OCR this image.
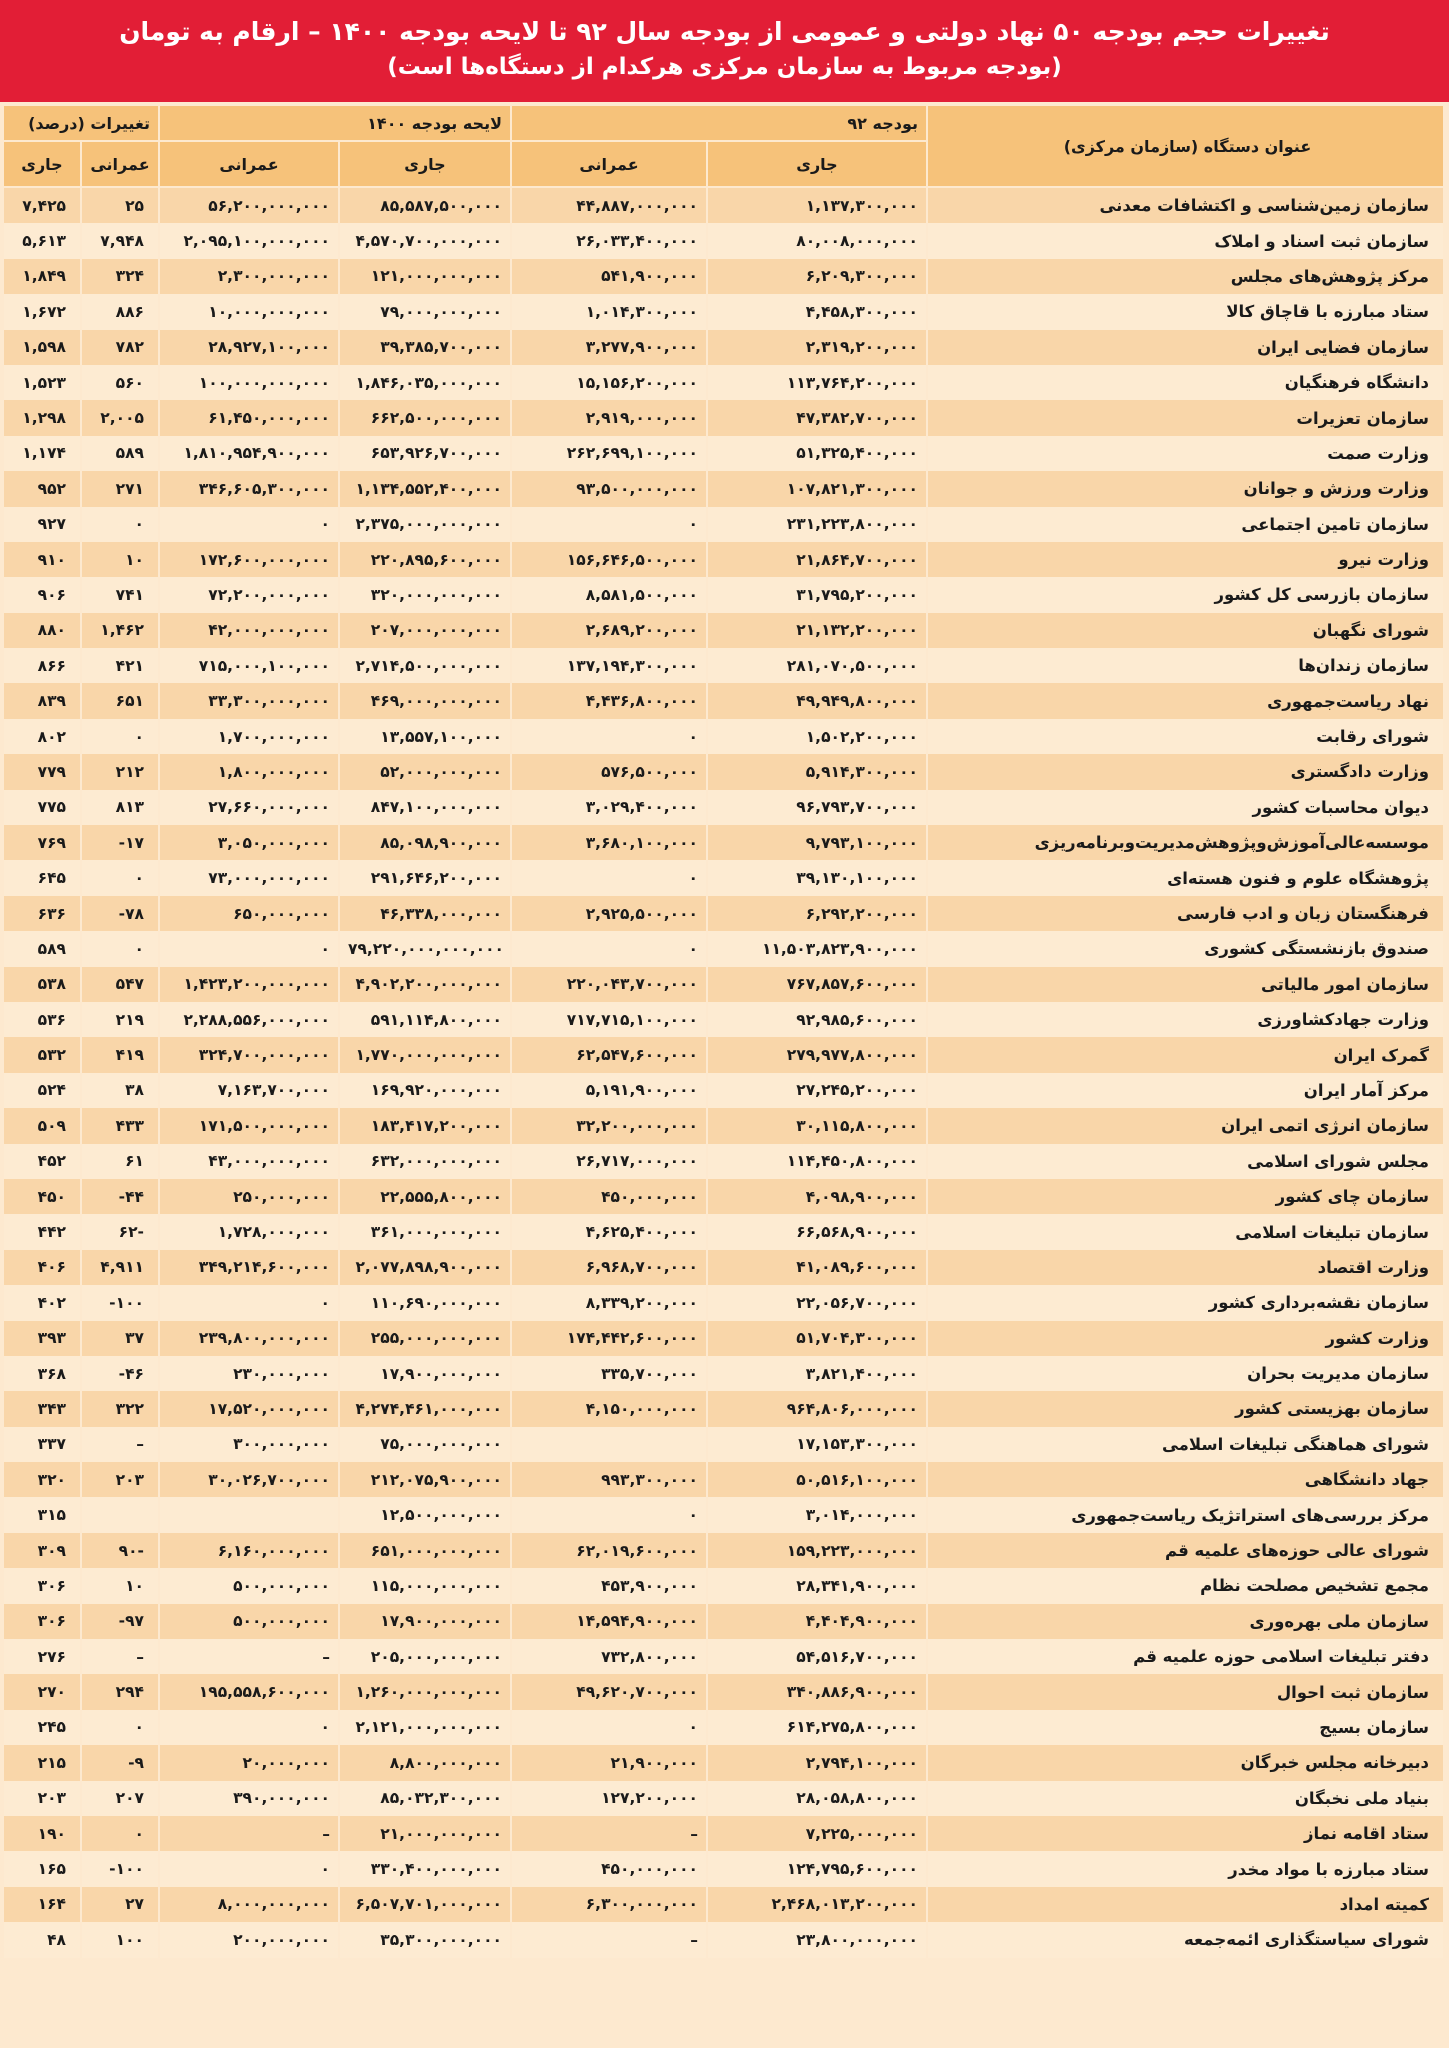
تغییرات حجم بودجه ۵۰ نهاد دولتی و عمومی از بودجه سال ۹۲ تا لایحه بودجه ۱۴۰۰ – ارقام به تومان
(بودجه مربوط به سازمان مرکزی هرکدام از دستگاه‌ها است)
تغییرات (درصد)		لایحه بودجه ۱۴۰۰		بودجه ۹۲		عنوان دستگاه (سازمان مرکزی)
جاری	عمرانی	عمرانی	جاری	عمرانی	جاری	
۷,۴۲۵	۲۵	۵۶,۲۰۰,۰۰۰,۰۰۰	۸۵,۵۸۷,۵۰۰,۰۰۰	۴۴,۸۸۷,۰۰۰,۰۰۰	۱,۱۳۷,۳۰۰,۰۰۰	سازمان زمین‌شناسی و اکتشافات معدنی
۵,۶۱۳	۷,۹۴۸	۲,۰۹۵,۱۰۰,۰۰۰,۰۰۰	۴,۵۷۰,۷۰۰,۰۰۰,۰۰۰	۲۶,۰۳۳,۴۰۰,۰۰۰	۸۰,۰۰۸,۰۰۰,۰۰۰	سازمان ثبت اسناد و املاک
۱,۸۴۹	۳۲۴	۲,۳۰۰,۰۰۰,۰۰۰	۱۲۱,۰۰۰,۰۰۰,۰۰۰	۵۴۱,۹۰۰,۰۰۰	۶,۲۰۹,۳۰۰,۰۰۰	مرکز پژوهش‌های مجلس
۱,۶۷۲	۸۸۶	۱۰,۰۰۰,۰۰۰,۰۰۰	۷۹,۰۰۰,۰۰۰,۰۰۰	۱,۰۱۴,۳۰۰,۰۰۰	۴,۴۵۸,۳۰۰,۰۰۰	ستاد مبارزه با قاچاق کالا
۱,۵۹۸	۷۸۲	۲۸,۹۲۷,۱۰۰,۰۰۰	۳۹,۳۸۵,۷۰۰,۰۰۰	۳,۲۷۷,۹۰۰,۰۰۰	۲,۳۱۹,۲۰۰,۰۰۰	سازمان فضایی ایران
۱,۵۲۳	۵۶۰	۱۰۰,۰۰۰,۰۰۰,۰۰۰	۱,۸۴۶,۰۳۵,۰۰۰,۰۰۰	۱۵,۱۵۶,۲۰۰,۰۰۰	۱۱۳,۷۶۴,۲۰۰,۰۰۰	دانشگاه فرهنگیان
۱,۲۹۸	۲,۰۰۵	۶۱,۴۵۰,۰۰۰,۰۰۰	۶۶۲,۵۰۰,۰۰۰,۰۰۰	۲,۹۱۹,۰۰۰,۰۰۰	۴۷,۳۸۲,۷۰۰,۰۰۰	سازمان تعزیرات
۱,۱۷۴	۵۸۹	۱,۸۱۰,۹۵۴,۹۰۰,۰۰۰	۶۵۳,۹۲۶,۷۰۰,۰۰۰	۲۶۲,۶۹۹,۱۰۰,۰۰۰	۵۱,۳۲۵,۴۰۰,۰۰۰	وزارت صمت
۹۵۲	۲۷۱	۳۴۶,۶۰۵,۳۰۰,۰۰۰	۱,۱۳۴,۵۵۲,۴۰۰,۰۰۰	۹۳,۵۰۰,۰۰۰,۰۰۰	۱۰۷,۸۲۱,۳۰۰,۰۰۰	وزارت ورزش و جوانان
۹۲۷	۰	۰	۲,۳۷۵,۰۰۰,۰۰۰,۰۰۰	۰	۲۳۱,۲۲۳,۸۰۰,۰۰۰	سازمان تامین اجتماعی
۹۱۰	۱۰	۱۷۲,۶۰۰,۰۰۰,۰۰۰	۲۲۰,۸۹۵,۶۰۰,۰۰۰	۱۵۶,۶۴۶,۵۰۰,۰۰۰	۲۱,۸۶۴,۷۰۰,۰۰۰	وزارت نیرو
۹۰۶	۷۴۱	۷۲,۲۰۰,۰۰۰,۰۰۰	۳۲۰,۰۰۰,۰۰۰,۰۰۰	۸,۵۸۱,۵۰۰,۰۰۰	۳۱,۷۹۵,۲۰۰,۰۰۰	سازمان بازرسی کل کشور
۸۸۰	۱,۴۶۲	۴۲,۰۰۰,۰۰۰,۰۰۰	۲۰۷,۰۰۰,۰۰۰,۰۰۰	۲,۶۸۹,۲۰۰,۰۰۰	۲۱,۱۳۲,۲۰۰,۰۰۰	شورای نگهبان
۸۶۶	۴۲۱	۷۱۵,۰۰۰,۱۰۰,۰۰۰	۲,۷۱۴,۵۰۰,۰۰۰,۰۰۰	۱۳۷,۱۹۴,۳۰۰,۰۰۰	۲۸۱,۰۷۰,۵۰۰,۰۰۰	سازمان زندان‌ها
۸۳۹	۶۵۱	۳۳,۳۰۰,۰۰۰,۰۰۰	۴۶۹,۰۰۰,۰۰۰,۰۰۰	۴,۴۳۶,۸۰۰,۰۰۰	۴۹,۹۴۹,۸۰۰,۰۰۰	نهاد ریاست‌جمهوری
۸۰۲	۰	۱,۷۰۰,۰۰۰,۰۰۰	۱۳,۵۵۷,۱۰۰,۰۰۰	۰	۱,۵۰۲,۲۰۰,۰۰۰	شورای رقابت
۷۷۹	۲۱۲	۱,۸۰۰,۰۰۰,۰۰۰	۵۲,۰۰۰,۰۰۰,۰۰۰	۵۷۶,۵۰۰,۰۰۰	۵,۹۱۴,۳۰۰,۰۰۰	وزارت دادگستری
۷۷۵	۸۱۳	۲۷,۶۶۰,۰۰۰,۰۰۰	۸۴۷,۱۰۰,۰۰۰,۰۰۰	۳,۰۲۹,۴۰۰,۰۰۰	۹۶,۷۹۳,۷۰۰,۰۰۰	دیوان محاسبات کشور
۷۶۹	-۱۷	۳,۰۵۰,۰۰۰,۰۰۰	۸۵,۰۹۸,۹۰۰,۰۰۰	۳,۶۸۰,۱۰۰,۰۰۰	۹,۷۹۳,۱۰۰,۰۰۰	موسسه‌عالی‌آموزش‌وپژوهش‌مدیریت‌وبرنامه‌ریزی
۶۴۵	۰	۷۳,۰۰۰,۰۰۰,۰۰۰	۲۹۱,۶۴۶,۲۰۰,۰۰۰	۰	۳۹,۱۳۰,۱۰۰,۰۰۰	پژوهشگاه علوم و فنون هسته‌ای
۶۳۶	-۷۸	۶۵۰,۰۰۰,۰۰۰	۴۶,۳۳۸,۰۰۰,۰۰۰	۲,۹۲۵,۵۰۰,۰۰۰	۶,۲۹۲,۲۰۰,۰۰۰	فرهنگستان زبان و ادب فارسی
۵۸۹	۰	۰	۷۹,۲۲۰,۰۰۰,۰۰۰,۰۰۰	۰	۱۱,۵۰۳,۸۲۳,۹۰۰,۰۰۰	صندوق بازنشستگی کشوری
۵۳۸	۵۴۷	۱,۴۲۳,۲۰۰,۰۰۰,۰۰۰	۴,۹۰۲,۲۰۰,۰۰۰,۰۰۰	۲۲۰,۰۴۳,۷۰۰,۰۰۰	۷۶۷,۸۵۷,۶۰۰,۰۰۰	سازمان امور مالیاتی
۵۳۶	۲۱۹	۲,۲۸۸,۵۵۶,۰۰۰,۰۰۰	۵۹۱,۱۱۴,۸۰۰,۰۰۰	۷۱۷,۷۱۵,۱۰۰,۰۰۰	۹۲,۹۸۵,۶۰۰,۰۰۰	وزارت جهادکشاورزی
۵۳۲	۴۱۹	۳۲۴,۷۰۰,۰۰۰,۰۰۰	۱,۷۷۰,۰۰۰,۰۰۰,۰۰۰	۶۲,۵۴۷,۶۰۰,۰۰۰	۲۷۹,۹۷۷,۸۰۰,۰۰۰	گمرک ایران
۵۲۴	۳۸	۷,۱۶۳,۷۰۰,۰۰۰	۱۶۹,۹۲۰,۰۰۰,۰۰۰	۵,۱۹۱,۹۰۰,۰۰۰	۲۷,۲۴۵,۲۰۰,۰۰۰	مرکز آمار ایران
۵۰۹	۴۳۳	۱۷۱,۵۰۰,۰۰۰,۰۰۰	۱۸۳,۴۱۷,۲۰۰,۰۰۰	۳۲,۲۰۰,۰۰۰,۰۰۰	۳۰,۱۱۵,۸۰۰,۰۰۰	سازمان انرژی اتمی ایران
۴۵۲	۶۱	۴۳,۰۰۰,۰۰۰,۰۰۰	۶۳۲,۰۰۰,۰۰۰,۰۰۰	۲۶,۷۱۷,۰۰۰,۰۰۰	۱۱۴,۴۵۰,۸۰۰,۰۰۰	مجلس شورای اسلامی
۴۵۰	-۴۴	۲۵۰,۰۰۰,۰۰۰	۲۲,۵۵۵,۸۰۰,۰۰۰	۴۵۰,۰۰۰,۰۰۰	۴,۰۹۸,۹۰۰,۰۰۰	سازمان چای کشور
۴۴۲	۶۲-	۱,۷۲۸,۰۰۰,۰۰۰	۳۶۱,۰۰۰,۰۰۰,۰۰۰	۴,۶۲۵,۴۰۰,۰۰۰	۶۶,۵۶۸,۹۰۰,۰۰۰	سازمان تبلیغات اسلامی
۴۰۶	۴,۹۱۱	۳۴۹,۲۱۴,۶۰۰,۰۰۰	۲,۰۷۷,۸۹۸,۹۰۰,۰۰۰	۶,۹۶۸,۷۰۰,۰۰۰	۴۱,۰۸۹,۶۰۰,۰۰۰	وزارت اقتصاد
۴۰۲	-۱۰۰	۰	۱۱۰,۶۹۰,۰۰۰,۰۰۰	۸,۳۳۹,۲۰۰,۰۰۰	۲۲,۰۵۶,۷۰۰,۰۰۰	سازمان نقشه‌برداری کشور
۳۹۳	۳۷	۲۳۹,۸۰۰,۰۰۰,۰۰۰	۲۵۵,۰۰۰,۰۰۰,۰۰۰	۱۷۴,۴۴۲,۶۰۰,۰۰۰	۵۱,۷۰۴,۳۰۰,۰۰۰	وزارت کشور
۳۶۸	-۴۶	۲۳۰,۰۰۰,۰۰۰	۱۷,۹۰۰,۰۰۰,۰۰۰	۳۳۵,۷۰۰,۰۰۰	۳,۸۲۱,۴۰۰,۰۰۰	سازمان مدیریت بحران
۳۴۳	۳۲۲	۱۷,۵۲۰,۰۰۰,۰۰۰	۴,۲۷۴,۴۶۱,۰۰۰,۰۰۰	۴,۱۵۰,۰۰۰,۰۰۰	۹۶۴,۸۰۶,۰۰۰,۰۰۰	سازمان بهزیستی کشور
۳۳۷	–	۳۰۰,۰۰۰,۰۰۰	۷۵,۰۰۰,۰۰۰,۰۰۰		۱۷,۱۵۳,۳۰۰,۰۰۰	شورای هماهنگی تبلیغات اسلامی
۳۲۰	۲۰۳	۳۰,۰۲۶,۷۰۰,۰۰۰	۲۱۲,۰۷۵,۹۰۰,۰۰۰	۹۹۳,۳۰۰,۰۰۰	۵۰,۵۱۶,۱۰۰,۰۰۰	جهاد دانشگاهی
۳۱۵			۱۲,۵۰۰,۰۰۰,۰۰۰	۰	۳,۰۱۴,۰۰۰,۰۰۰	مرکز بررسی‌های استراتژیک ریاست‌جمهوری
۳۰۹	۹۰-	۶,۱۶۰,۰۰۰,۰۰۰	۶۵۱,۰۰۰,۰۰۰,۰۰۰	۶۲,۰۱۹,۶۰۰,۰۰۰	۱۵۹,۲۲۳,۰۰۰,۰۰۰	شورای عالی حوزه‌های علمیه قم
۳۰۶	۱۰	۵۰۰,۰۰۰,۰۰۰	۱۱۵,۰۰۰,۰۰۰,۰۰۰	۴۵۳,۹۰۰,۰۰۰	۲۸,۳۴۱,۹۰۰,۰۰۰	مجمع تشخیص مصلحت نظام
۳۰۶	-۹۷	۵۰۰,۰۰۰,۰۰۰	۱۷,۹۰۰,۰۰۰,۰۰۰	۱۴,۵۹۴,۹۰۰,۰۰۰	۴,۴۰۴,۹۰۰,۰۰۰	سازمان ملی بهره‌وری
۲۷۶	–	–	۲۰۵,۰۰۰,۰۰۰,۰۰۰	۷۳۲,۸۰۰,۰۰۰	۵۴,۵۱۶,۷۰۰,۰۰۰	دفتر تبلیغات اسلامی حوزه علمیه قم
۲۷۰	۲۹۴	۱۹۵,۵۵۸,۶۰۰,۰۰۰	۱,۲۶۰,۰۰۰,۰۰۰,۰۰۰	۴۹,۶۲۰,۷۰۰,۰۰۰	۳۴۰,۸۸۶,۹۰۰,۰۰۰	سازمان ثبت احوال
۲۴۵	۰	۰	۲,۱۲۱,۰۰۰,۰۰۰,۰۰۰	۰	۶۱۴,۲۷۵,۸۰۰,۰۰۰	سازمان بسیج
۲۱۵	-۹	۲۰,۰۰۰,۰۰۰	۸,۸۰۰,۰۰۰,۰۰۰	۲۱,۹۰۰,۰۰۰	۲,۷۹۴,۱۰۰,۰۰۰	دبیرخانه مجلس خبرگان
۲۰۳	۲۰۷	۳۹۰,۰۰۰,۰۰۰	۸۵,۰۳۲,۳۰۰,۰۰۰	۱۲۷,۲۰۰,۰۰۰	۲۸,۰۵۸,۸۰۰,۰۰۰	بنیاد ملی نخبگان
۱۹۰	۰	–	۲۱,۰۰۰,۰۰۰,۰۰۰	–	۷,۲۲۵,۰۰۰,۰۰۰	ستاد اقامه نماز
۱۶۵	-۱۰۰	۰	۳۳۰,۴۰۰,۰۰۰,۰۰۰	۴۵۰,۰۰۰,۰۰۰	۱۲۴,۷۹۵,۶۰۰,۰۰۰	ستاد مبارزه با مواد مخدر
۱۶۴	۲۷	۸,۰۰۰,۰۰۰,۰۰۰	۶,۵۰۷,۷۰۱,۰۰۰,۰۰۰	۶,۳۰۰,۰۰۰,۰۰۰	۲,۴۶۸,۰۱۳,۲۰۰,۰۰۰	کمیته امداد
۴۸	۱۰۰	۲۰۰,۰۰۰,۰۰۰	۳۵,۳۰۰,۰۰۰,۰۰۰	–	۲۳,۸۰۰,۰۰۰,۰۰۰	شورای سیاستگذاری ائمه‌جمعه
